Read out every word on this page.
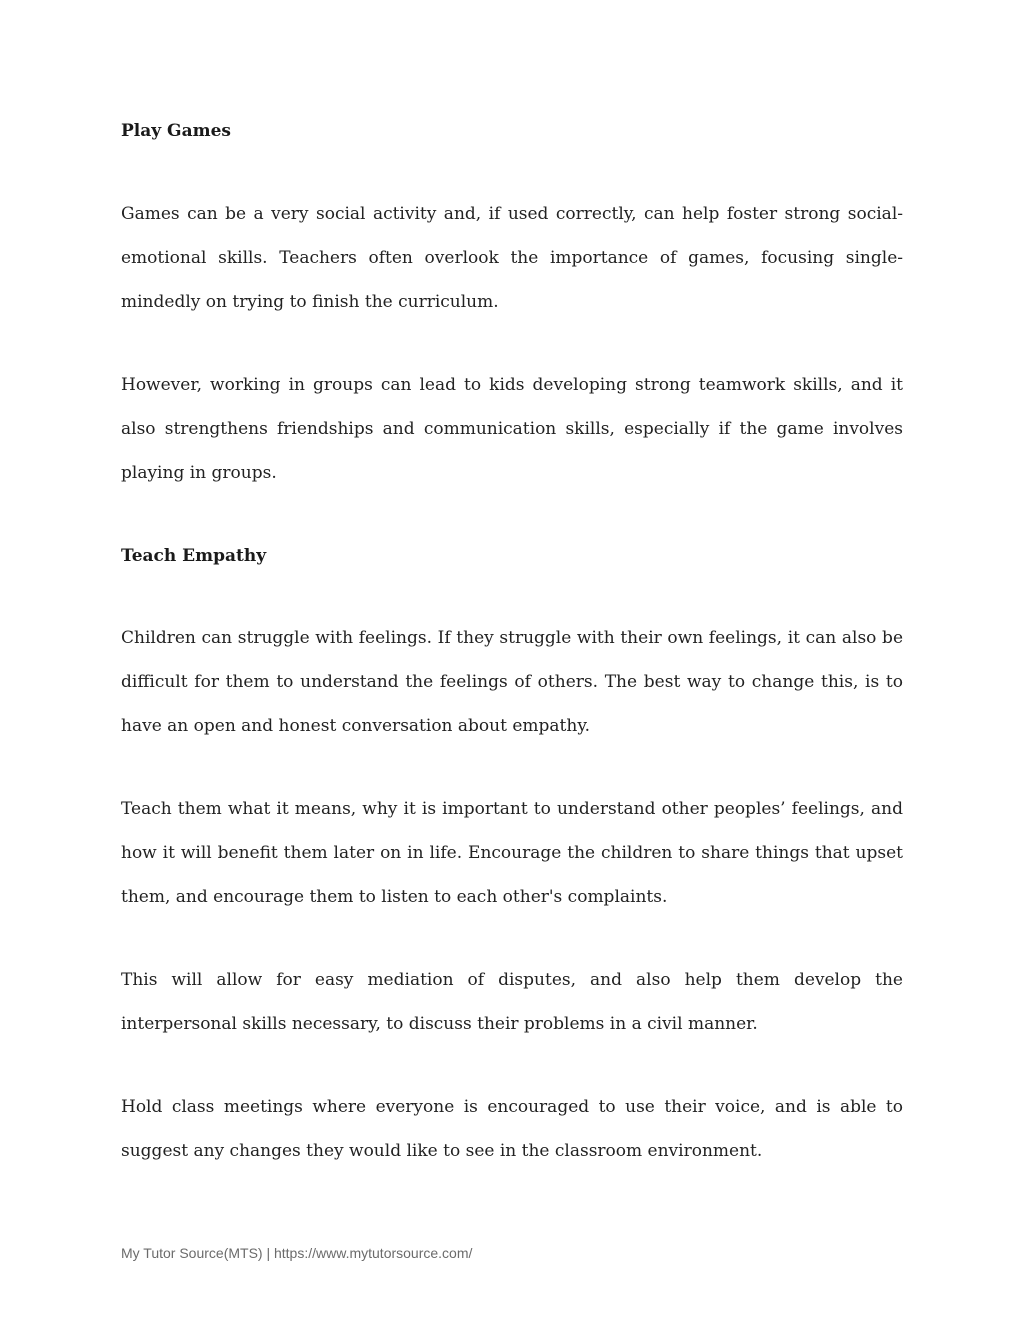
Play Games

Games can be a very social activity and, if used correctly, can help foster strong social-emotional skills. Teachers often overlook the importance of games, focusing single-mindedly on trying to finish the curriculum.

However, working in groups can lead to kids developing strong teamwork skills, and it also strengthens friendships and communication skills, especially if the game involves playing in groups.

Teach Empathy

Children can struggle with feelings. If they struggle with their own feelings, it can also be difficult for them to understand the feelings of others. The best way to change this, is to have an open and honest conversation about empathy.

Teach them what it means, why it is important to understand other peoples’ feelings, and how it will benefit them later on in life. Encourage the children to share things that upset them, and encourage them to listen to each other's complaints.

This will allow for easy mediation of disputes, and also help them develop the interpersonal skills necessary, to discuss their problems in a civil manner.

Hold class meetings where everyone is encouraged to use their voice, and is able to suggest any changes they would like to see in the classroom environment.

My Tutor Source(MTS) | https://www.mytutorsource.com/
